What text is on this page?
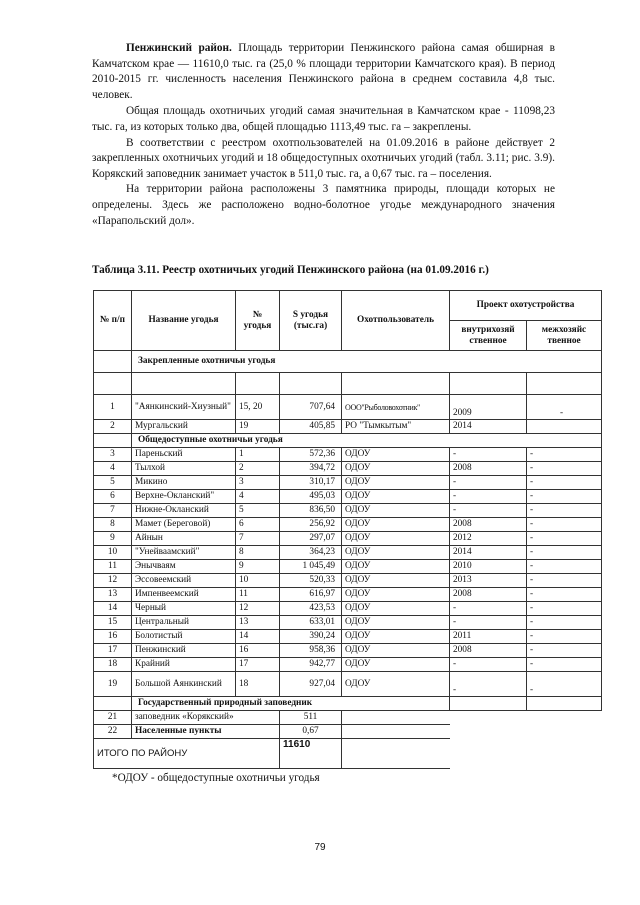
Пенжинский район. Площадь территории Пенжинского района самая обширная в Камчатском крае — 11610,0 тыс. га (25,0 % площади территории Камчатского края). В период 2010-2015 гг. численность населения Пенжинского района в среднем составила 4,8 тыс. человек.

Общая площадь охотничьих угодий самая значительная в Камчатском крае - 11098,23 тыс. га, из которых только два, общей площадью 1113,49 тыс. га – закреплены.

В соответствии с реестром охотпользователей на 01.09.2016 в районе действует 2 закрепленных охотничьих угодий и 18 общедоступных охотничьих угодий (табл. 3.11; рис. 3.9). Корякский заповедник занимает участок в 511,0 тыс. га, а 0,67 тыс. га – поселения.

На территории района расположены 3 памятника природы, площади которых не определены. Здесь же расположено водно-болотное угодье международного значения «Парапольский дол».

Таблица 3.11. Реестр охотничьих угодий Пенжинского района (на 01.09.2016 г.)
№ п/п	Название угодья	№ угодья	S угодья (тыс.га)	Охотпользователь	Проект охотустройства	
					внутрихозяй ственное	межхозяйс твенное
	Закрепленные охотничьи угодья					

1	"Аянкинский-Хиузный"	15, 20	707,64	ООО"Рыболовохотник"	2009	-
2	Мургальский	19	405,85	РО "Тымкытым"	2014	
	Общедоступные охотничьи угодья					
3	Пареньский	1	572,36	ОДОУ	-	-
4	Тылхой	2	394,72	ОДОУ	2008	-
5	Микино	3	310,17	ОДОУ	-	-
6	Верхне-Окланский"	4	495,03	ОДОУ	-	-
7	Нижне-Окланский	5	836,50	ОДОУ	-	-
8	Мамет (Береговой)	6	256,92	ОДОУ	2008	-
9	Айнын	7	297,07	ОДОУ	2012	-
10	"Унейваамский"	8	364,23	ОДОУ	2014	-
11	Энычваям	9	1 045,49	ОДОУ	2010	-
12	Эссовеемский	10	520,33	ОДОУ	2013	-
13	Импенвеемский	11	616,97	ОДОУ	2008	-
14	Черный	12	423,53	ОДОУ	-	-
15	Центральный	13	633,01	ОДОУ	-	-
16	Болотистый	14	390,24	ОДОУ	2011	-
17	Пенжинский	16	958,36	ОДОУ	2008	-
18	Крайний	17	942,77	ОДОУ	-	-
19	Большой Аянкинский	18	927,04	ОДОУ	-	-
	Государственный природный заповедник					
21	заповедник «Корякский»		511			
22	Населенные пункты		0,67			
ИТОГО ПО РАЙОНУ			11610			
*ОДОУ - общедоступные охотничьи угодья
79
